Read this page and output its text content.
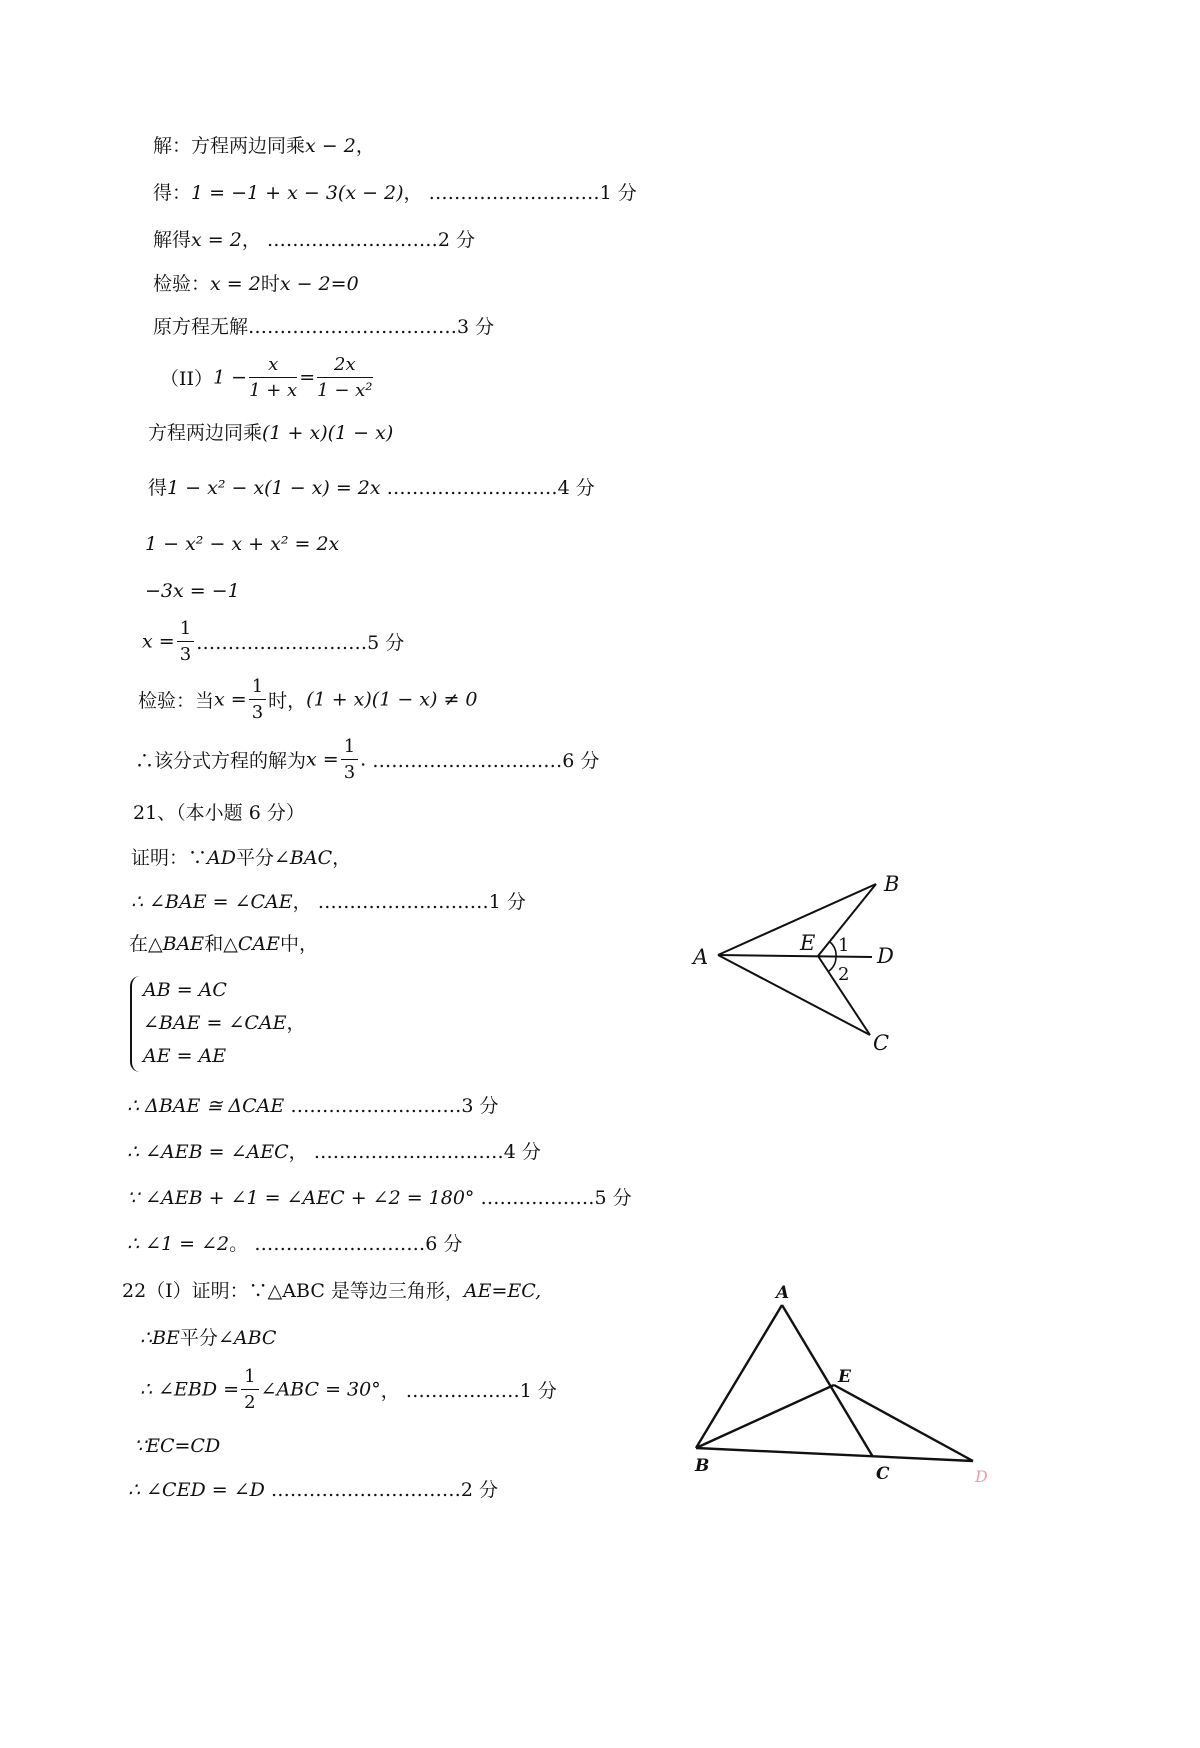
解：方程两边同乘x − 2，
得：1 = −1 + x − 3(x − 2)， ………………………1 分
解得x = 2， ………………………2 分
检验：x = 2时x − 2=0
原方程无解……………………………3 分
$(II)1 - \frac{x}{1 + x} = \frac{2x}{\text{1 − x²}}$
方程两边同乘(1 + x)(1 − x)
得1 − x² − x(1 − x) = 2x ………………………4 分
1 − x² − x + x² = 2x
−3x = −1
$x = \frac{1}{3}$ ………………………5 分
检验：当$x = \frac{1}{3}$ 时，(1 + x)(1 − x) ≠ 0
∴该分式方程的解为$x = \frac{1}{3}$ . …………………………6 分
21、（本小题 6 分）
证明：∵AD平分∠BAC，
∴ ∠BAE = ∠CAE， ………………………1 分
在△BAE和△CAE中，
AB = AC
∠BAE = ∠CAE，
AE = AE
∴ ΔBAE ≅ ΔCAE ………………………3 分
∴ ∠AEB = ∠AEC， …………………………4 分
∵ ∠AEB + ∠1 = ∠AEC + ∠2 = 180° ………………5 分
∴ ∠1 = ∠2。 ………………………6 分
A
B
C
D
E 1
2
22（I）证明：∵△ABC 是等边三角形，AE=EC,
∴BE平分∠ABC
∴ ∠EBD = $\frac{1}{2}$ ∠ABC = 30°， ………………1 分
∵EC=CD
∴ ∠CED = ∠D …………………………2 分
A
B	C
E
D
